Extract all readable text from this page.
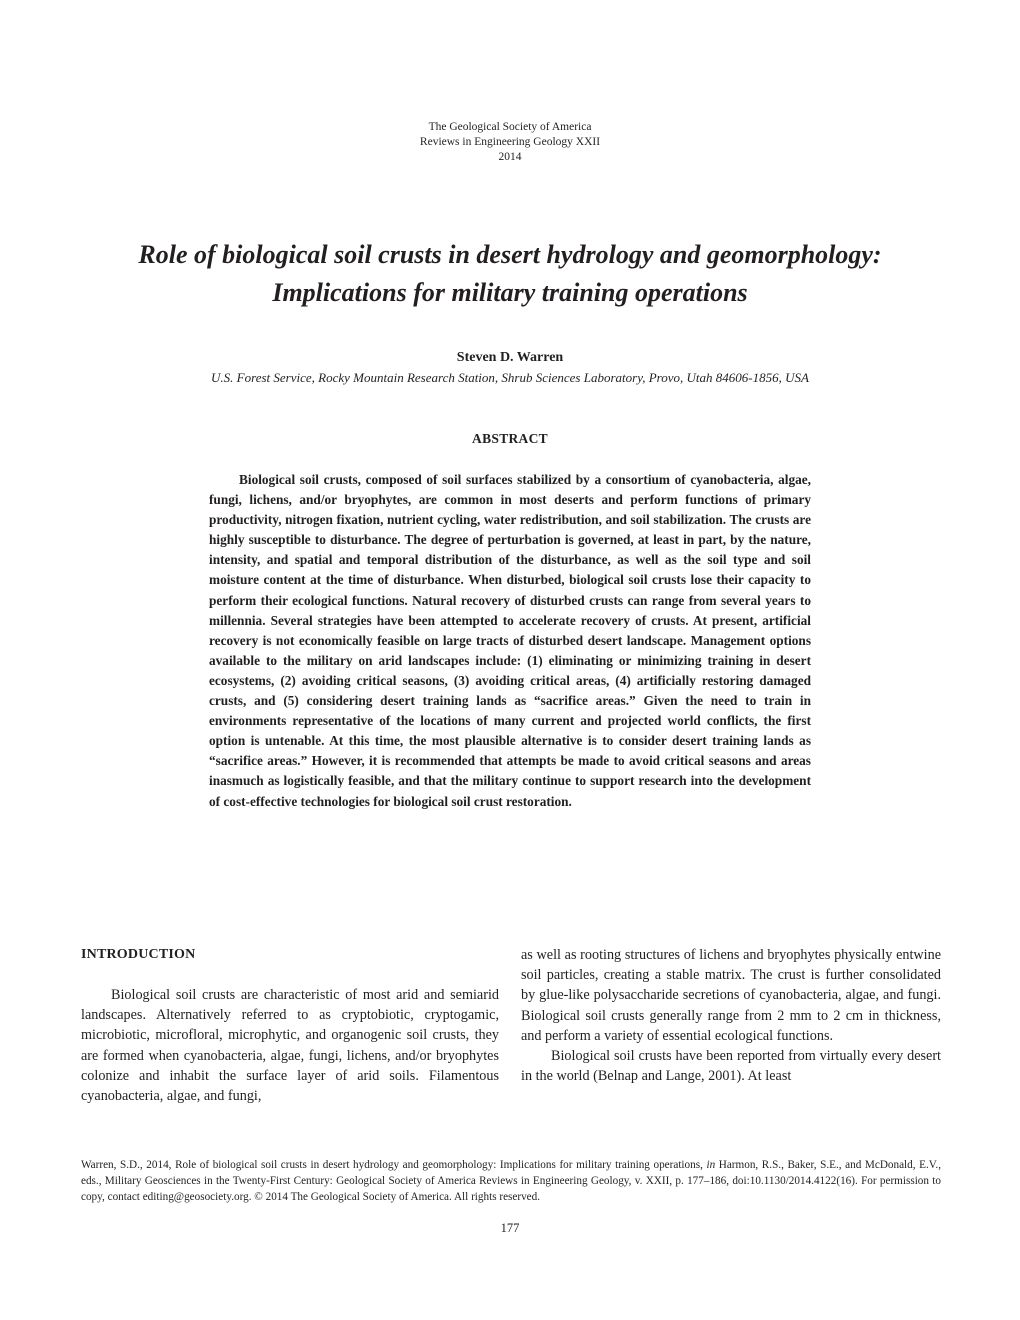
The Geological Society of America
Reviews in Engineering Geology XXII
2014
Role of biological soil crusts in desert hydrology and geomorphology:
Implications for military training operations
Steven D. Warren
U.S. Forest Service, Rocky Mountain Research Station, Shrub Sciences Laboratory, Provo, Utah 84606-1856, USA
ABSTRACT

Biological soil crusts, composed of soil surfaces stabilized by a consortium of cyanobacteria, algae, fungi, lichens, and/or bryophytes, are common in most deserts and perform functions of primary productivity, nitrogen fixation, nutrient cycling, water redistribution, and soil stabilization. The crusts are highly susceptible to disturbance. The degree of perturbation is governed, at least in part, by the nature, intensity, and spatial and temporal distribution of the disturbance, as well as the soil type and soil moisture content at the time of disturbance. When disturbed, biological soil crusts lose their capacity to perform their ecological functions. Natural recovery of disturbed crusts can range from several years to millennia. Several strategies have been attempted to accelerate recovery of crusts. At present, artificial recovery is not economically feasible on large tracts of disturbed desert landscape. Management options available to the military on arid landscapes include: (1) eliminating or minimizing training in desert ecosystems, (2) avoiding critical seasons, (3) avoiding critical areas, (4) artificially restoring damaged crusts, and (5) considering desert training lands as “sacrifice areas.” Given the need to train in environments representative of the locations of many current and projected world conflicts, the first option is untenable. At this time, the most plausible alternative is to consider desert training lands as “sacrifice areas.” However, it is recommended that attempts be made to avoid critical seasons and areas inasmuch as logistically feasible, and that the military continue to support research into the development of cost-effective technologies for biological soil crust restoration.

INTRODUCTION

Biological soil crusts are characteristic of most arid and semiarid landscapes. Alternatively referred to as cryptobiotic, cryptogamic, microbiotic, microfloral, microphytic, and organogenic soil crusts, they are formed when cyanobacteria, algae, fungi, lichens, and/or bryophytes colonize and inhabit the surface layer of arid soils. Filamentous cyanobacteria, algae, and fungi,

as well as rooting structures of lichens and bryophytes physically entwine soil particles, creating a stable matrix. The crust is further consolidated by glue-like polysaccharide secretions of cyanobacteria, algae, and fungi. Biological soil crusts generally range from 2 mm to 2 cm in thickness, and perform a variety of essential ecological functions.

Biological soil crusts have been reported from virtually every desert in the world (Belnap and Lange, 2001). At least

Warren, S.D., 2014, Role of biological soil crusts in desert hydrology and geomorphology: Implications for military training operations, in Harmon, R.S., Baker, S.E., and McDonald, E.V., eds., Military Geosciences in the Twenty-First Century: Geological Society of America Reviews in Engineering Geology, v. XXII, p. 177–186, doi:10.1130/2014.4122(16). For permission to copy, contact editing@geosociety.org. © 2014 The Geological Society of America. All rights reserved.

177
